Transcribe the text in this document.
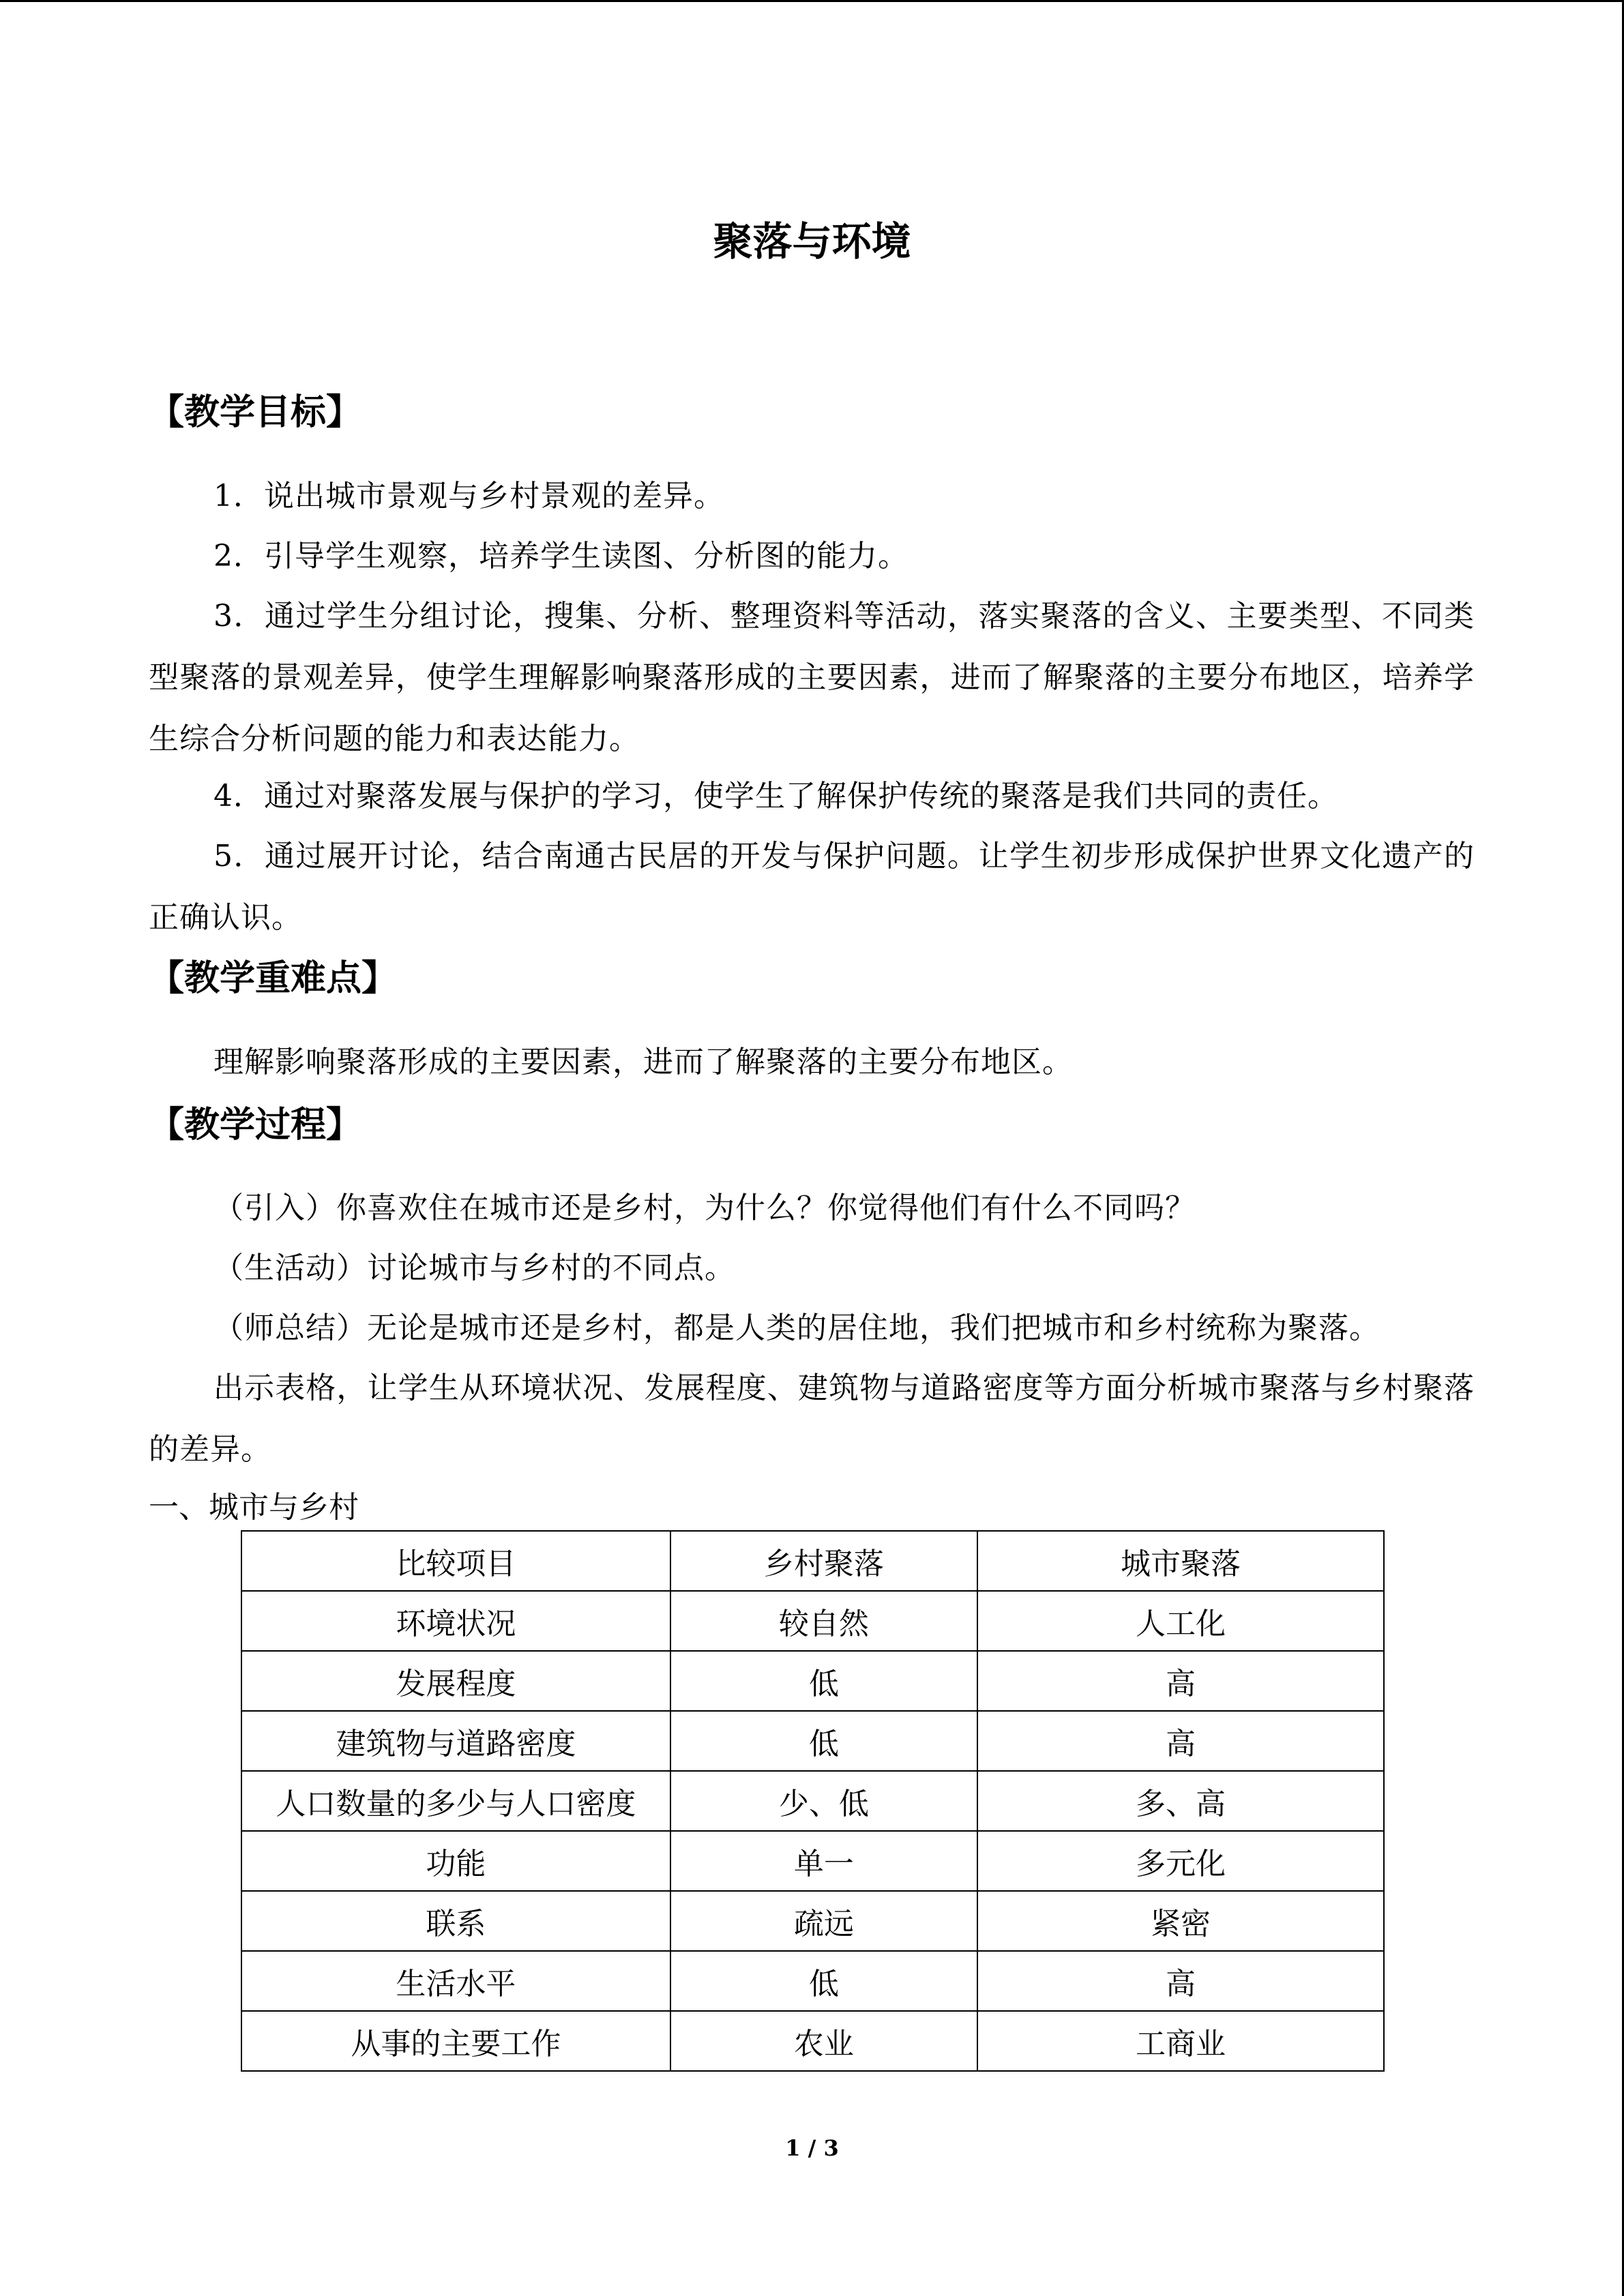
聚落与环境
【教学目标】
1．说出城市景观与乡村景观的差异。
2．引导学生观察，培养学生读图、分析图的能力。
3．通过学生分组讨论，搜集、分析、整理资料等活动，落实聚落的含义、主要类型、不同类型聚落的景观差异，使学生理解影响聚落形成的主要因素，进而了解聚落的主要分布地区，培养学生综合分析问题的能力和表达能力。
4．通过对聚落发展与保护的学习，使学生了解保护传统的聚落是我们共同的责任。
5．通过展开讨论，结合南通古民居的开发与保护问题。让学生初步形成保护世界文化遗产的正确认识。
【教学重难点】
理解影响聚落形成的主要因素，进而了解聚落的主要分布地区。
【教学过程】
（引入）你喜欢住在城市还是乡村，为什么？你觉得他们有什么不同吗？
（生活动）讨论城市与乡村的不同点。
（师总结）无论是城市还是乡村，都是人类的居住地，我们把城市和乡村统称为聚落。
出示表格，让学生从环境状况、发展程度、建筑物与道路密度等方面分析城市聚落与乡村聚落的差异。
一、城市与乡村
比较项目	乡村聚落	城市聚落
环境状况	较自然	人工化
发展程度	低	高
建筑物与道路密度	低	高
人口数量的多少与人口密度	少、低	多、高
功能	单一	多元化
联系	疏远	紧密
生活水平	低	高
从事的主要工作	农业	工商业
1 / 3
